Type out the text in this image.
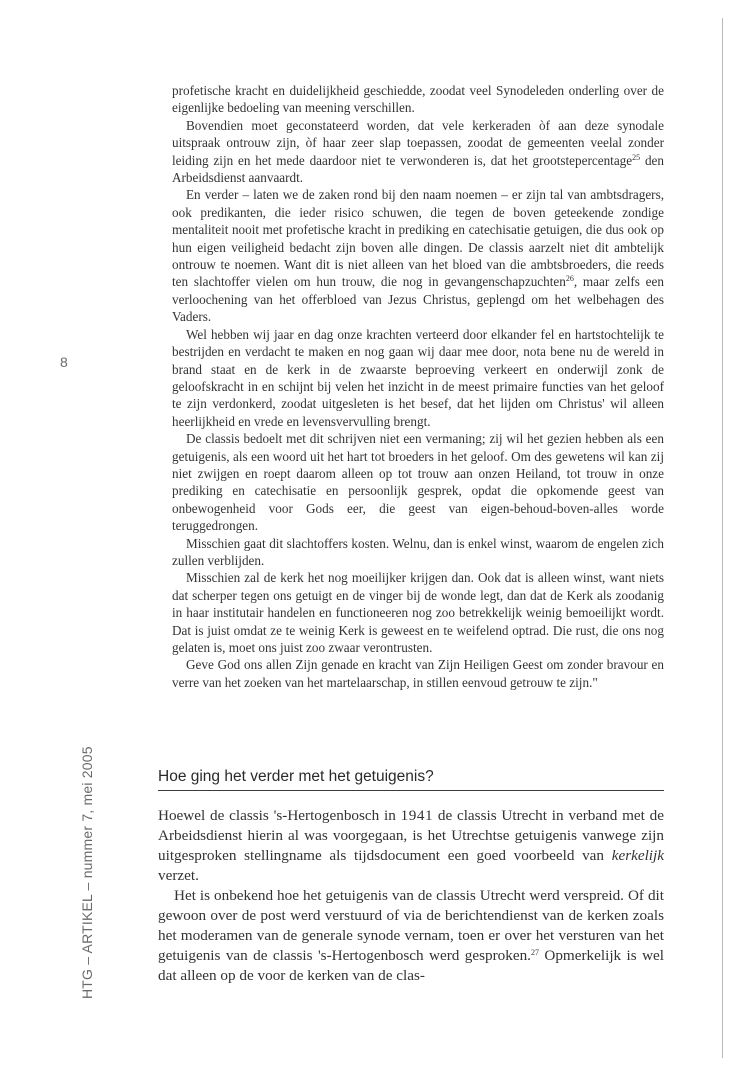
8
HTG – ARTIKEL – nummer 7, mei 2005

profetische kracht en duidelijkheid geschiedde, zoodat veel Synodeleden onderling over de eigenlijke bedoeling van meening verschillen.

Bovendien moet geconstateerd worden, dat vele kerkeraden òf aan deze synodale uitspraak ontrouw zijn, òf haar zeer slap toepassen, zoodat de gemeenten veelal zonder leiding zijn en het mede daardoor niet te verwonderen is, dat het grootstepercentage$^{25}$ den Arbeidsdienst aanvaardt.

En verder – laten we de zaken rond bij den naam noemen – er zijn tal van ambtsdragers, ook predikanten, die ieder risico schuwen, die tegen de boven geteekende zondige mentaliteit nooit met profetische kracht in prediking en catechisatie getuigen, die dus ook op hun eigen veiligheid bedacht zijn boven alle dingen. De classis aarzelt niet dit ambtelijk ontrouw te noemen. Want dit is niet alleen van het bloed van die ambtsbroeders, die reeds ten slachtoffer vielen om hun trouw, die nog in gevangenschapzuchten$^{26}$, maar zelfs een verloochening van het offerbloed van Jezus Christus, geplengd om het welbehagen des Vaders.

Wel hebben wij jaar en dag onze krachten verteerd door elkander fel en hartstochtelijk te bestrijden en verdacht te maken en nog gaan wij daar mee door, nota bene nu de wereld in brand staat en de kerk in de zwaarste beproeving verkeert en onderwijl zonk de geloofskracht in en schijnt bij velen het inzicht in de meest primaire functies van het geloof te zijn verdonkerd, zoodat uitgesleten is het besef, dat het lijden om Christus' wil alleen heerlijkheid en vrede en levensvervulling brengt.

De classis bedoelt met dit schrijven niet een vermaning; zij wil het gezien hebben als een getuigenis, als een woord uit het hart tot broeders in het geloof. Om des gewetens wil kan zij niet zwijgen en roept daarom alleen op tot trouw aan onzen Heiland, tot trouw in onze prediking en catechisatie en persoonlijk gesprek, opdat die opkomende geest van onbewogenheid voor Gods eer, die geest van eigen-behoud-boven-alles worde teruggedrongen.

Misschien gaat dit slachtoffers kosten. Welnu, dan is enkel winst, waarom de engelen zich zullen verblijden.

Misschien zal de kerk het nog moeilijker krijgen dan. Ook dat is alleen winst, want niets dat scherper tegen ons getuigt en de vinger bij de wonde legt, dan dat de Kerk als zoodanig in haar institutair handelen en functioneeren nog zoo betrekkelijk weinig bemoeilijkt wordt. Dat is juist omdat ze te weinig Kerk is geweest en te weifelend optrad. Die rust, die ons nog gelaten is, moet ons juist zoo zwaar verontrusten.

Geve God ons allen Zijn genade en kracht van Zijn Heiligen Geest om zonder bravour en verre van het zoeken van het martelaarschap, in stillen eenvoud getrouw te zijn."

Hoe ging het verder met het getuigenis?

Hoewel de classis 's-Hertogenbosch in 1941 de classis Utrecht in verband met de Arbeidsdienst hierin al was voorgegaan, is het Utrechtse getuigenis vanwege zijn uitgesproken stellingname als tijdsdocument een goed voorbeeld van kerkelijk verzet.

Het is onbekend hoe het getuigenis van de classis Utrecht werd verspreid. Of dit gewoon over de post werd verstuurd of via de berichtendienst van de kerken zoals het moderamen van de generale synode vernam, toen er over het versturen van het getuigenis van de classis 's-Hertogenbosch werd gesproken.$^{27}$ Opmerkelijk is wel dat alleen op de voor de kerken van de clas-
